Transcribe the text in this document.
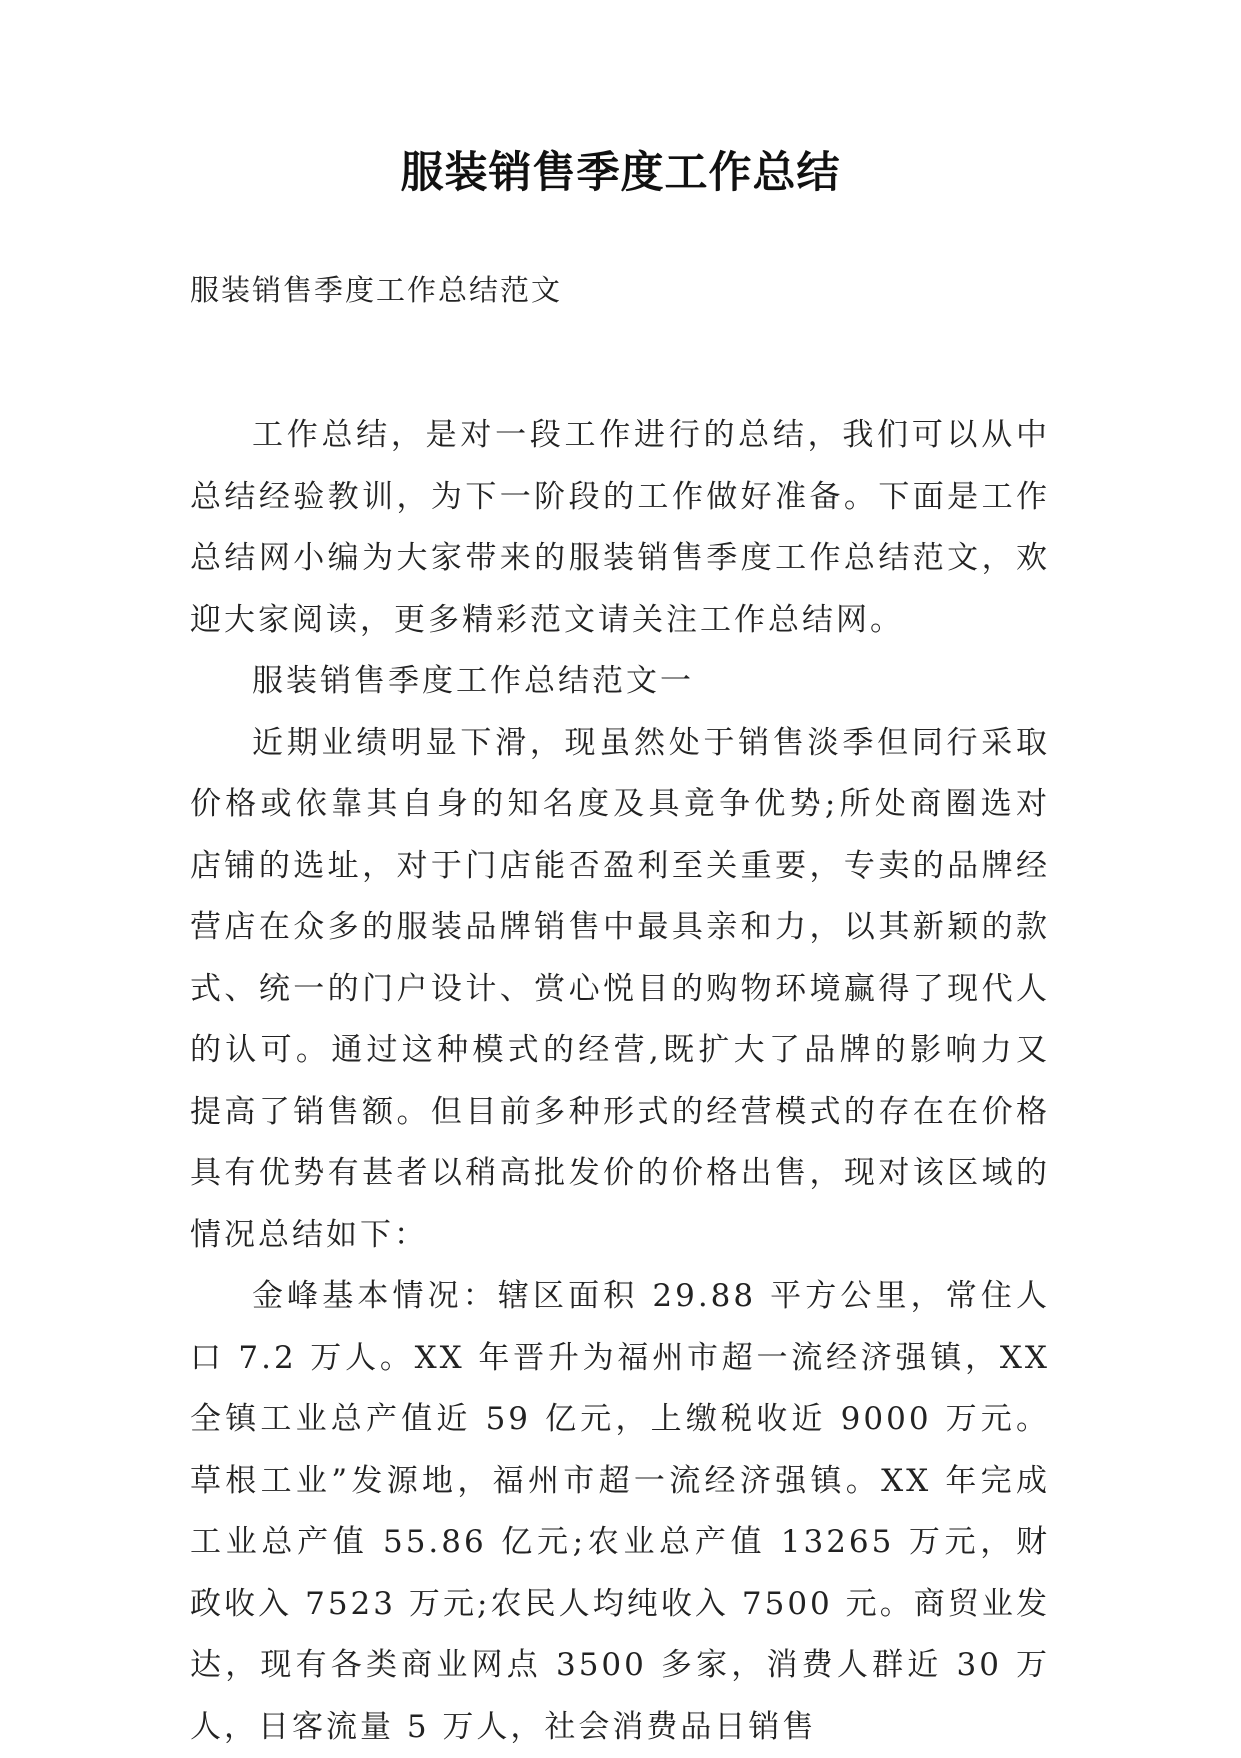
服装销售季度工作总结
服装销售季度工作总结范文

工作总结，是对一段工作进行的总结，我们可以从中总结经验教训，为下一阶段的工作做好准备。下面是工作总结网小编为大家带来的服装销售季度工作总结范文，欢迎大家阅读，更多精彩范文请关注工作总结网。

服装销售季度工作总结范文一

近期业绩明显下滑，现虽然处于销售淡季但同行采取价格或依靠其自身的知名度及具竟争优势;所处商圈选对店铺的选址，对于门店能否盈利至关重要，专卖的品牌经营店在众多的服装品牌销售中最具亲和力，以其新颖的款式、统一的门户设计、赏心悦目的购物环境赢得了现代人的认可。通过这种模式的经营,既扩大了品牌的影响力又提高了销售额。但目前多种形式的经营模式的存在在价格具有优势有甚者以稍高批发价的价格出售，现对该区域的情况总结如下：

金峰基本情况：辖区面积 29.88 平方公里，常住人口 7.2 万人。XX 年晋升为福州市超一流经济强镇，XX 全镇工业总产值近 59 亿元，上缴税收近 9000 万元。草根工业”发源地，福州市超一流经济强镇。XX 年完成工业总产值 55.86 亿元;农业总产值 13265 万元，财政收入 7523 万元;农民人均纯收入 7500 元。商贸业发达，现有各类商业网点 3500 多家，消费人群近 30 万人，日客流量 5 万人，社会消费品日销售
